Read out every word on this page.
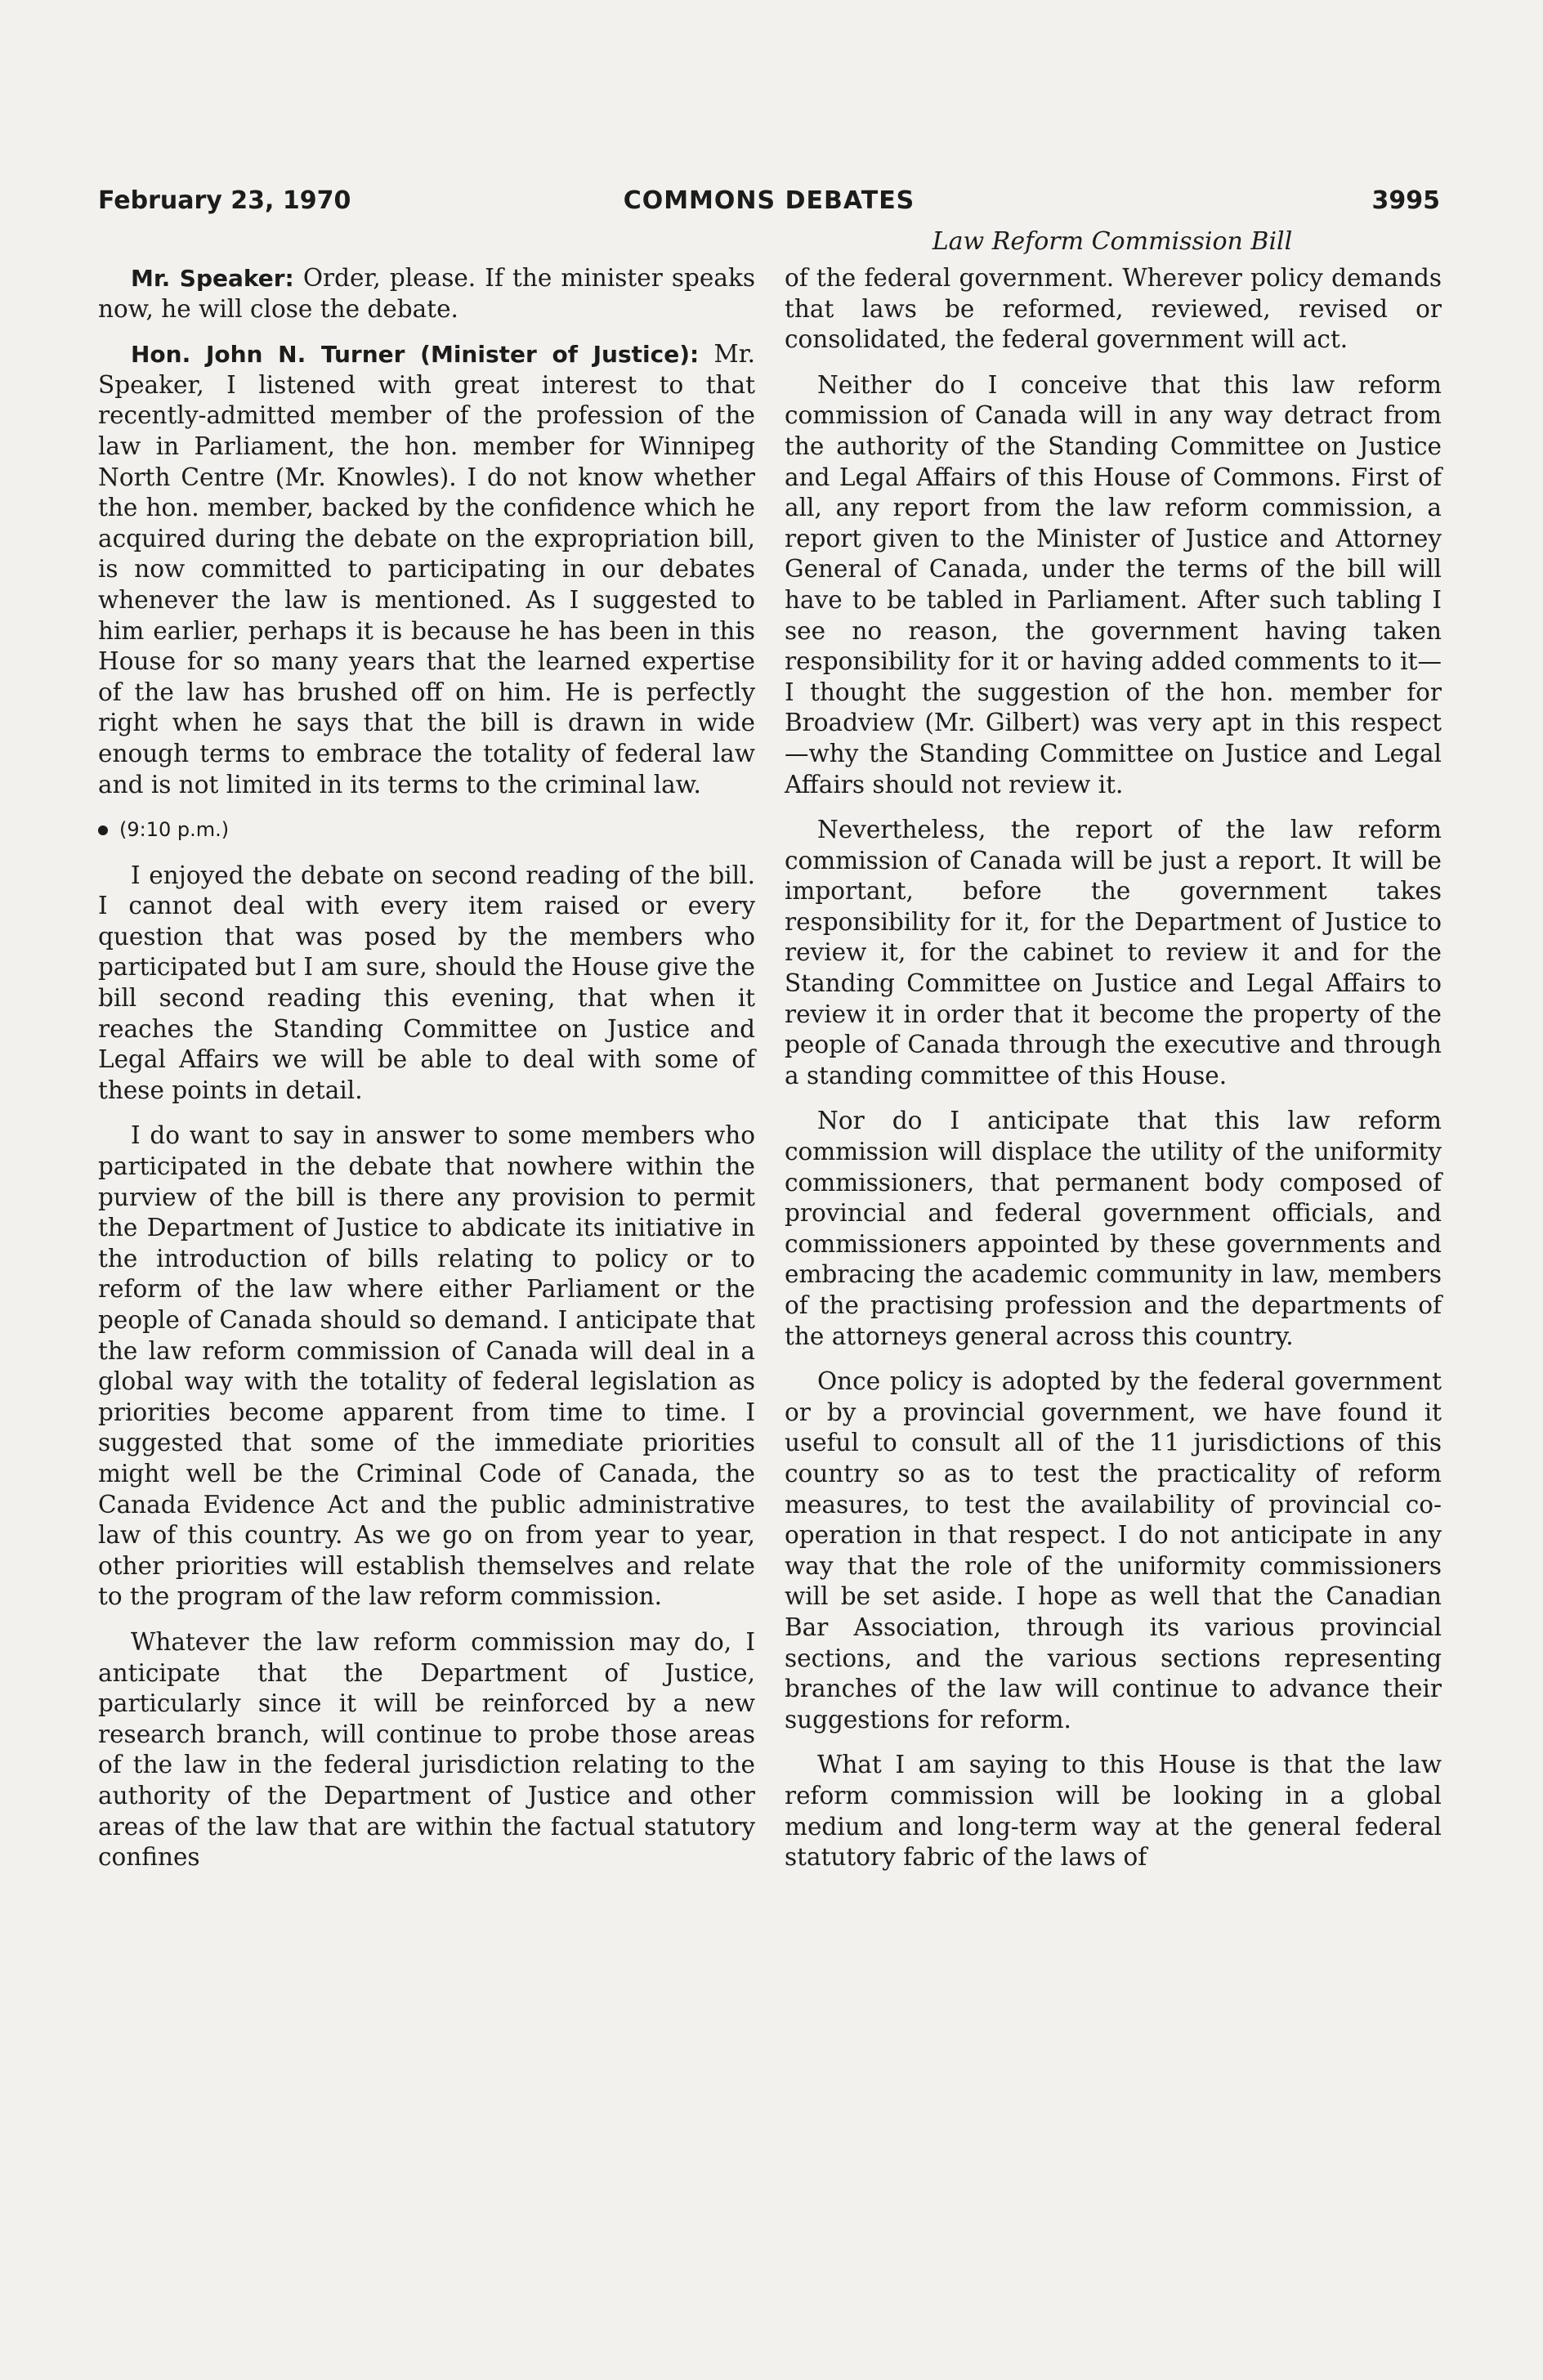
February 23, 1970	COMMONS DEBATES	3995
Law Reform Commission Bill

Mr. Speaker: Order, please. If the minister speaks now, he will close the debate.

Hon. John N. Turner (Minister of Justice): Mr. Speaker, I listened with great interest to that recently-admitted member of the profession of the law in Parliament, the hon. member for Winnipeg North Centre (Mr. Knowles). I do not know whether the hon. member, backed by the confidence which he acquired during the debate on the expropriation bill, is now committed to participating in our debates whenever the law is mentioned. As I suggested to him earlier, perhaps it is because he has been in this House for so many years that the learned expertise of the law has brushed off on him. He is perfectly right when he says that the bill is drawn in wide enough terms to embrace the totality of federal law and is not limited in its terms to the criminal law.

(9:10 p.m.)

I enjoyed the debate on second reading of the bill. I cannot deal with every item raised or every question that was posed by the members who participated but I am sure, should the House give the bill second reading this evening, that when it reaches the Standing Committee on Justice and Legal Affairs we will be able to deal with some of these points in detail.

I do want to say in answer to some members who participated in the debate that nowhere within the purview of the bill is there any provision to permit the Department of Justice to abdicate its initiative in the introduction of bills relating to policy or to reform of the law where either Parliament or the people of Canada should so demand. I anticipate that the law reform commission of Canada will deal in a global way with the totality of federal legislation as priorities become apparent from time to time. I suggested that some of the immediate priorities might well be the Criminal Code of Canada, the Canada Evidence Act and the public administrative law of this country. As we go on from year to year, other priorities will establish themselves and relate to the program of the law reform commission.

Whatever the law reform commission may do, I anticipate that the Department of Justice, particularly since it will be reinforced by a new research branch, will continue to probe those areas of the law in the federal jurisdiction relating to the authority of the Department of Justice and other areas of the law that are within the factual statutory confines

of the federal government. Wherever policy demands that laws be reformed, reviewed, revised or consolidated, the federal government will act.

Neither do I conceive that this law reform commission of Canada will in any way detract from the authority of the Standing Committee on Justice and Legal Affairs of this House of Commons. First of all, any report from the law reform commission, a report given to the Minister of Justice and Attorney General of Canada, under the terms of the bill will have to be tabled in Parliament. After such tabling I see no reason, the government having taken responsibility for it or having added comments to it—I thought the suggestion of the hon. member for Broadview (Mr. Gilbert) was very apt in this respect—why the Standing Committee on Justice and Legal Affairs should not review it.

Nevertheless, the report of the law reform commission of Canada will be just a report. It will be important, before the government takes responsibility for it, for the Department of Justice to review it, for the cabinet to review it and for the Standing Committee on Justice and Legal Affairs to review it in order that it become the property of the people of Canada through the executive and through a standing committee of this House.

Nor do I anticipate that this law reform commission will displace the utility of the uniformity commissioners, that permanent body composed of provincial and federal government officials, and commissioners appointed by these governments and embracing the academic community in law, members of the practising profession and the departments of the attorneys general across this country.

Once policy is adopted by the federal government or by a provincial government, we have found it useful to consult all of the 11 jurisdictions of this country so as to test the practicality of reform measures, to test the availability of provincial co-operation in that respect. I do not anticipate in any way that the role of the uniformity commissioners will be set aside. I hope as well that the Canadian Bar Association, through its various provincial sections, and the various sections representing branches of the law will continue to advance their suggestions for reform.

What I am saying to this House is that the law reform commission will be looking in a global medium and long-term way at the general federal statutory fabric of the laws of
